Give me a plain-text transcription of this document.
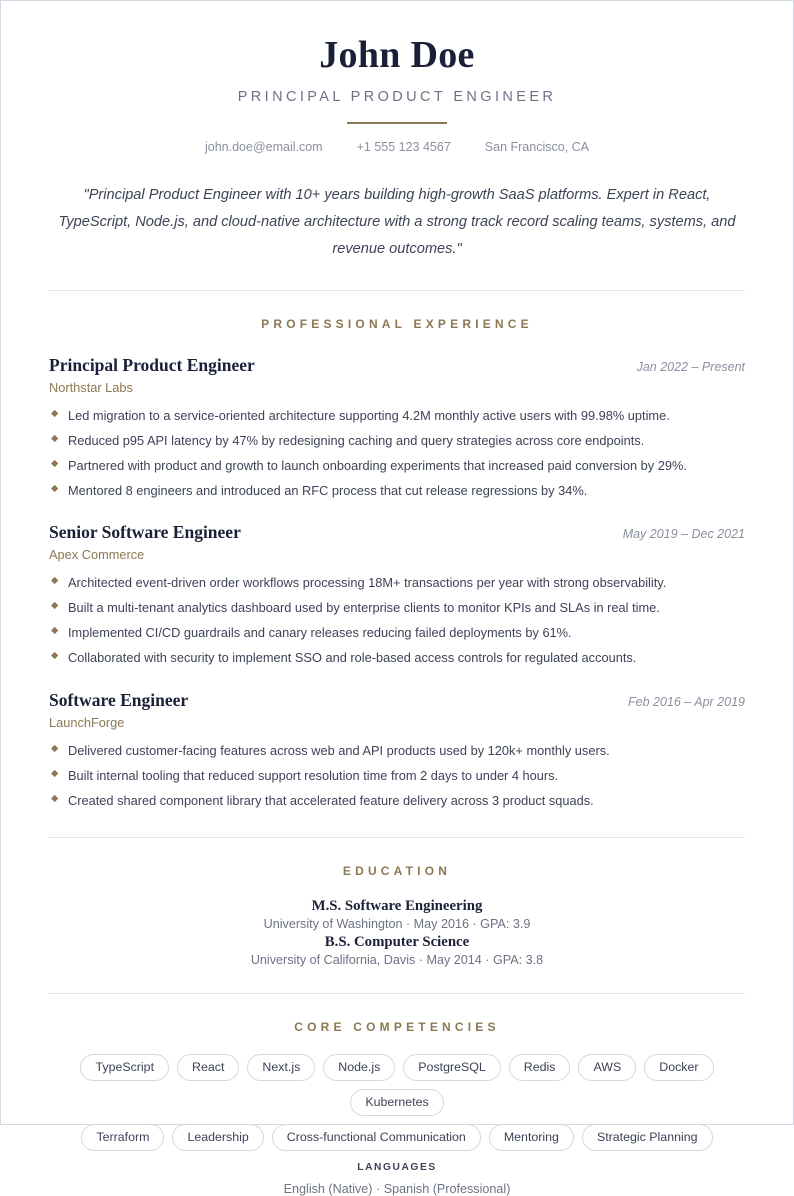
John Doe
PRINCIPAL PRODUCT ENGINEER
john.doe@email.com	+1 555 123 4567	San Francisco, CA
"Principal Product Engineer with 10+ years building high-growth SaaS platforms. Expert in React, TypeScript, Node.js, and cloud-native architecture with a strong track record scaling teams, systems, and revenue outcomes."
PROFESSIONAL EXPERIENCE
Principal Product Engineer	Jan 2022 – Present
Northstar Labs
◆ Led migration to a service-oriented architecture supporting 4.2M monthly active users with 99.98% uptime.
◆ Reduced p95 API latency by 47% by redesigning caching and query strategies across core endpoints.
◆ Partnered with product and growth to launch onboarding experiments that increased paid conversion by 29%.
◆ Mentored 8 engineers and introduced an RFC process that cut release regressions by 34%.
Senior Software Engineer	May 2019 – Dec 2021
Apex Commerce
◆ Architected event-driven order workflows processing 18M+ transactions per year with strong observability.
◆ Built a multi-tenant analytics dashboard used by enterprise clients to monitor KPIs and SLAs in real time.
◆ Implemented CI/CD guardrails and canary releases reducing failed deployments by 61%.
◆ Collaborated with security to implement SSO and role-based access controls for regulated accounts.
Software Engineer	Feb 2016 – Apr 2019
LaunchForge
◆ Delivered customer-facing features across web and API products used by 120k+ monthly users.
◆ Built internal tooling that reduced support resolution time from 2 days to under 4 hours.
◆ Created shared component library that accelerated feature delivery across 3 product squads.
EDUCATION
M.S. Software Engineering
University of Washington · May 2016 · GPA: 3.9
B.S. Computer Science
University of California, Davis · May 2014 · GPA: 3.8
CORE COMPETENCIES
TypeScript	React	Next.js	Node.js	PostgreSQL	Redis	AWS	Docker
Kubernetes
Terraform	Leadership	Cross-functional Communication	Mentoring	Strategic Planning
LANGUAGES
English (Native) · Spanish (Professional)
